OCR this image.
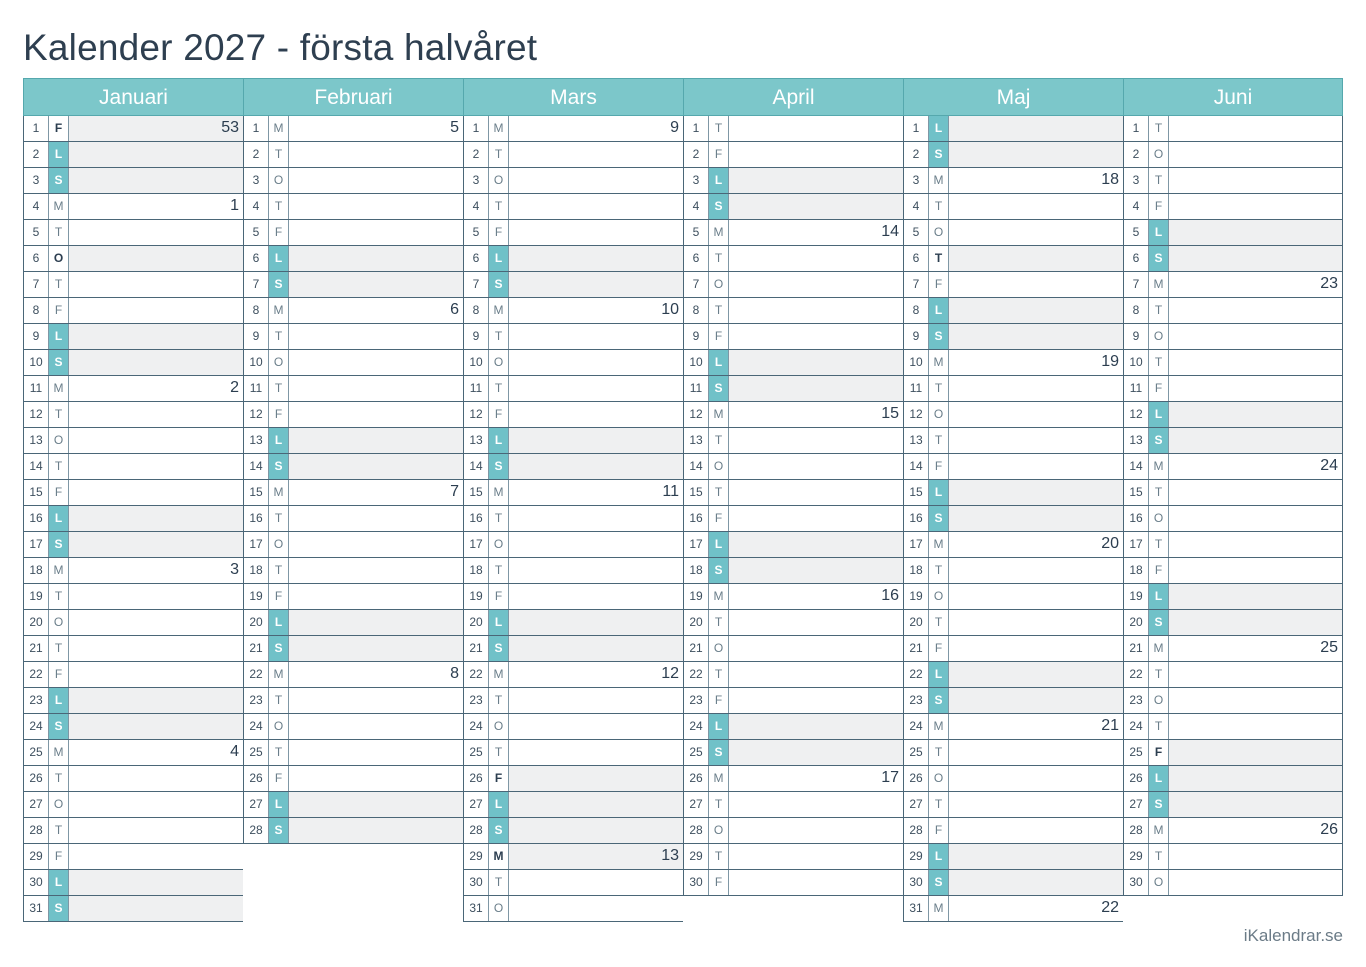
Kalender 2027 - första halvåret
Januari
1	F	53
2	L
3	S
4	M	1
5	T
6	O
7	T
8	F
9	L
10 S
11 M	2
12	T
13 O
14	T
15	F
16	L
17 S
18 M	3
19	T
20 O
21	T
22	F
23	L
24 S
25 M	4
26	T
27 O
28	T
29	F
30	L
31 S
Februari
1	M	5
2	T
3	O
4	T
5	F
6	L
7	S
8	M	6
9	T
10 O
11	T
12	F
13	L
14 S
15 M	7
16	T
17 O
18	T
19	F
20	L
21 S
22 M	8
23	T
24 O
25	T
26	F
27	L
28 S
Mars
1	M	9
2	T
3	O
4	T
5	F
6	L
7	S
8	M	10
9	T
10 O
11	T
12	F
13	L
14 S
15 M	11
16	T
17 O
18	T
19	F
20	L
21 S
22 M	12
23	T
24 O
25	T
26	F
27	L
28 S
29 M	13
30	T
31 O
April
1	T
2	F
3	L
4	S
5	M	14
6	T
7	O
8	T
9	F
10	L
11	S
12 M	15
13	T
14 O
15	T
16	F
17	L
18 S
19 M	16
20	T
21 O
22	T
23	F
24	L
25 S
26 M	17
27	T
28 O
29	T
30	F
Maj
1	L
2	S
3	M	18
4	T
5	O
6	T
7	F
8	L
9	S
10 M	19
11	T
12 O
13	T
14	F
15	L
16 S
17 M	20
18	T
19 O
20	T
21	F
22	L
23 S
24 M	21
25	T
26 O
27	T
28	F
29	L
30 S
31 M	22
Juni
1	T
2	O
3	T
4	F
5	L
6	S
7	M	23
8	T
9	O
10	T
11	F
12	L
13 S
14 M	24
15	T
16 O
17	T
18	F
19	L
20 S
21 M	25
22	T
23 O
24	T
25	F
26	L
27 S
28 M	26
29	T
30 O
iKalendrar.se
